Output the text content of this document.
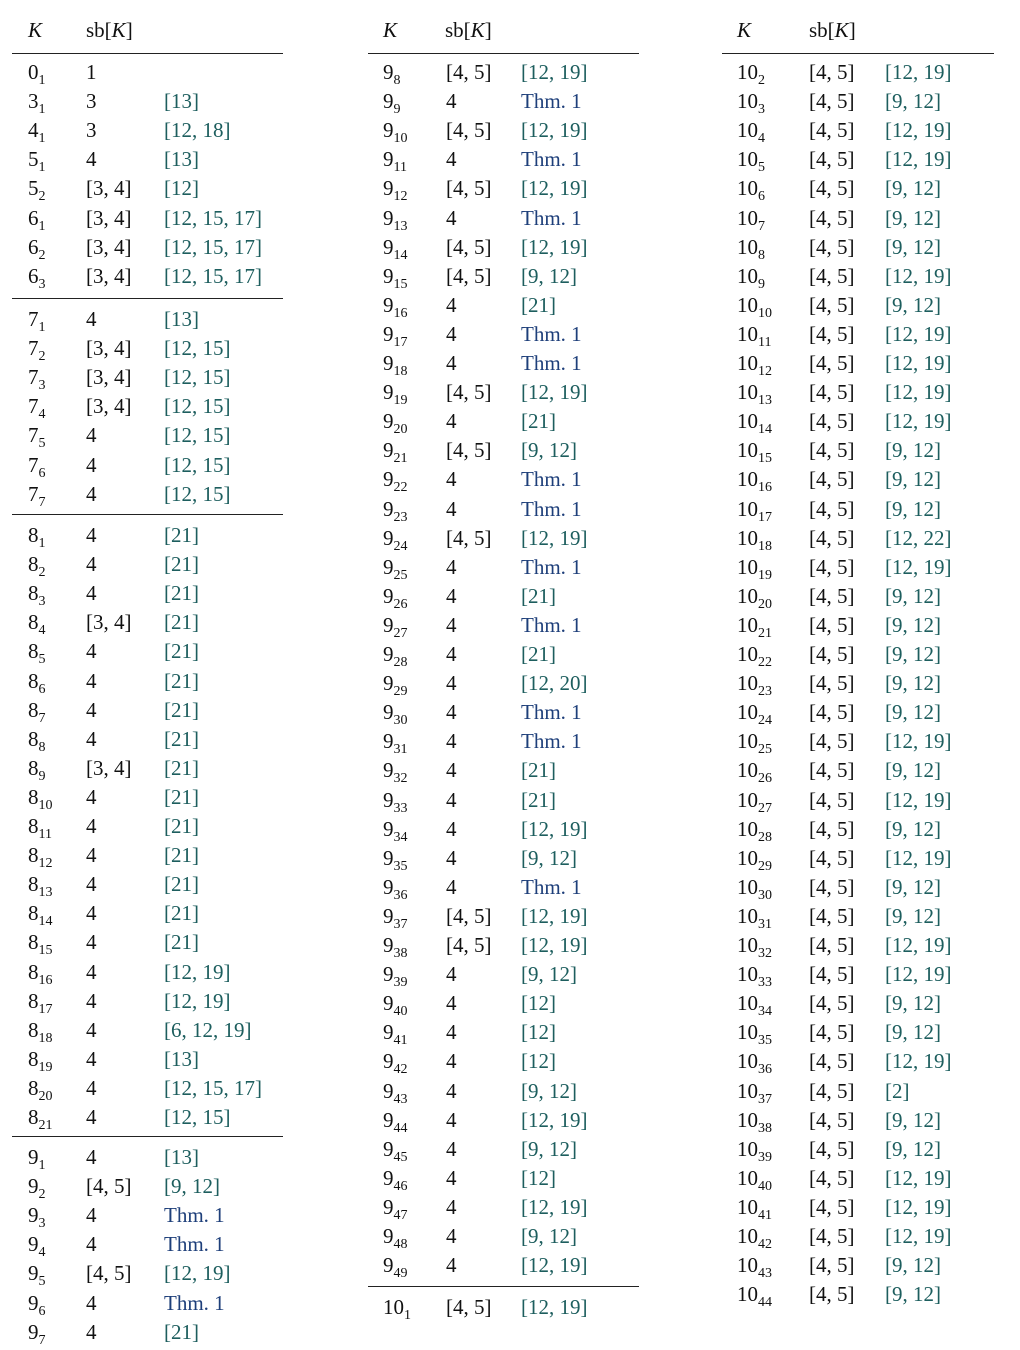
K sb[K]	K sb[K]	K	sb[K]
$0_1$ 1
$3_1$ 3	[13]
$4_1$ 3	[12, 18]
$5_1$ 4	[13]
$5_2$ [3, 4] [12]
$6_1$ [3, 4] [12, 15, 17]
$6_2$ [3, 4] [12, 15, 17]
$6_3$ [3, 4] [12, 15, 17]
$7_1$ 4	[13]
$7_2$ [3, 4] [12, 15]
$7_3$ [3, 4] [12, 15]
$7_4$ [3, 4] [12, 15]
$7_5$ 4	[12, 15]
$7_6$ 4	[12, 15]
$7_7$ 4	[12, 15]
$8_1$ 4	[21]
$8_2$ 4	[21]
$8_3$ 4	[21]
$8_4$ [3, 4] [21]
$8_5$ 4	[21]
$8_6$ 4	[21]
$8_7$ 4	[21]
$8_8$ 4	[21]
$8_9$ [3, 4] [21]
$8_{10}$ 4	[21]
$8_{11}$ 4	[21]
$8_{12}$ 4	[21]
$8_{13}$ 4	[21]
$8_{14}$ 4	[21]
$8_{15}$ 4	[21]
$8_{16}$ 4	[12, 19]
$8_{17}$ 4	[12, 19]
$8_{18}$ 4	[6, 12, 19]
$8_{19}$ 4	[13]
$8_{20}$ 4	[12, 15, 17]
$8_{21}$ 4	[12, 15]
$9_1$ 4	[13]
$9_2$ [4, 5] [9, 12]
$9_3$ 4	Thm. 1
$9_4$ 4	Thm. 1
$9_5$ [4, 5] [12, 19]
$9_6$ 4	Thm. 1
$9_7$ 4	[21]
$9_8$ [4, 5] [12, 19]
$9_9$ 4	Thm. 1
$9_{10}$ [4, 5] [12, 19]
$9_{11}$ 4	Thm. 1
$9_{12}$ [4, 5] [12, 19]
$9_{13}$ 4	Thm. 1
$9_{14}$ [4, 5] [12, 19]
$9_{15}$ [4, 5] [9, 12]
$9_{16}$ 4	[21]
$9_{17}$ 4	Thm. 1
$9_{18}$ 4	Thm. 1
$9_{19}$ [4, 5] [12, 19]
$9_{20}$ 4	[21]
$9_{21}$ [4, 5] [9, 12]
$9_{22}$ 4	Thm. 1
$9_{23}$ 4	Thm. 1
$9_{24}$ [4, 5] [12, 19]
$9_{25}$ 4	Thm. 1
$9_{26}$ 4	[21]
$9_{27}$ 4	Thm. 1
$9_{28}$ 4	[21]
$9_{29}$ 4	[12, 20]
$9_{30}$ 4	Thm. 1
$9_{31}$ 4	Thm. 1
$9_{32}$ 4	[21]
$9_{33}$ 4	[21]
$9_{34}$ 4	[12, 19]
$9_{35}$ 4	[9, 12]
$9_{36}$ 4	Thm. 1
$9_{37}$ [4, 5] [12, 19]
$9_{38}$ [4, 5] [12, 19]
$9_{39}$ 4	[9, 12]
$9_{40}$ 4	[12]
$9_{41}$ 4	[12]
$9_{42}$ 4	[12]
$9_{43}$ 4	[9, 12]
$9_{44}$ 4	[12, 19]
$9_{45}$ 4	[9, 12]
$9_{46}$ 4	[12]
$9_{47}$ 4	[12, 19]
$9_{48}$ 4	[9, 12]
$9_{49}$ 4	[12, 19]
$10_1$ [4, 5] [12, 19]
$10_2$ [4, 5] [12, 19]
$10_3$ [4, 5] [9, 12]
$10_4$ [4, 5] [12, 19]
$10_5$ [4, 5] [12, 19]
$10_6$ [4, 5] [9, 12]
$10_7$ [4, 5] [9, 12]
$10_8$ [4, 5] [9, 12]
$10_9$ [4, 5] [12, 19]
$10_{10}$ [4, 5] [9, 12]
$10_{11}$ [4, 5] [12, 19]
$10_{12}$ [4, 5] [12, 19]
$10_{13}$ [4, 5] [12, 19]
$10_{14}$ [4, 5] [12, 19]
$10_{15}$ [4, 5] [9, 12]
$10_{16}$ [4, 5] [9, 12]
$10_{17}$ [4, 5] [9, 12]
$10_{18}$ [4, 5] [12, 22]
$10_{19}$ [4, 5] [12, 19]
$10_{20}$ [4, 5] [9, 12]
$10_{21}$ [4, 5] [9, 12]
$10_{22}$ [4, 5] [9, 12]
$10_{23}$ [4, 5] [9, 12]
$10_{24}$ [4, 5] [9, 12]
$10_{25}$ [4, 5] [12, 19]
$10_{26}$ [4, 5] [9, 12]
$10_{27}$ [4, 5] [12, 19]
$10_{28}$ [4, 5] [9, 12]
$10_{29}$ [4, 5] [12, 19]
$10_{30}$ [4, 5] [9, 12]
$10_{31}$ [4, 5] [9, 12]
$10_{32}$ [4, 5] [12, 19]
$10_{33}$ [4, 5] [12, 19]
$10_{34}$ [4, 5] [9, 12]
$10_{35}$ [4, 5] [9, 12]
$10_{36}$ [4, 5] [12, 19]
$10_{37}$ [4, 5] [2]
$10_{38}$ [4, 5] [9, 12]
$10_{39}$ [4, 5] [9, 12]
$10_{40}$ [4, 5] [12, 19]
$10_{41}$ [4, 5] [12, 19]
$10_{42}$ [4, 5] [12, 19]
$10_{43}$ [4, 5] [9, 12]
$10_{44}$ [4, 5] [9, 12]
